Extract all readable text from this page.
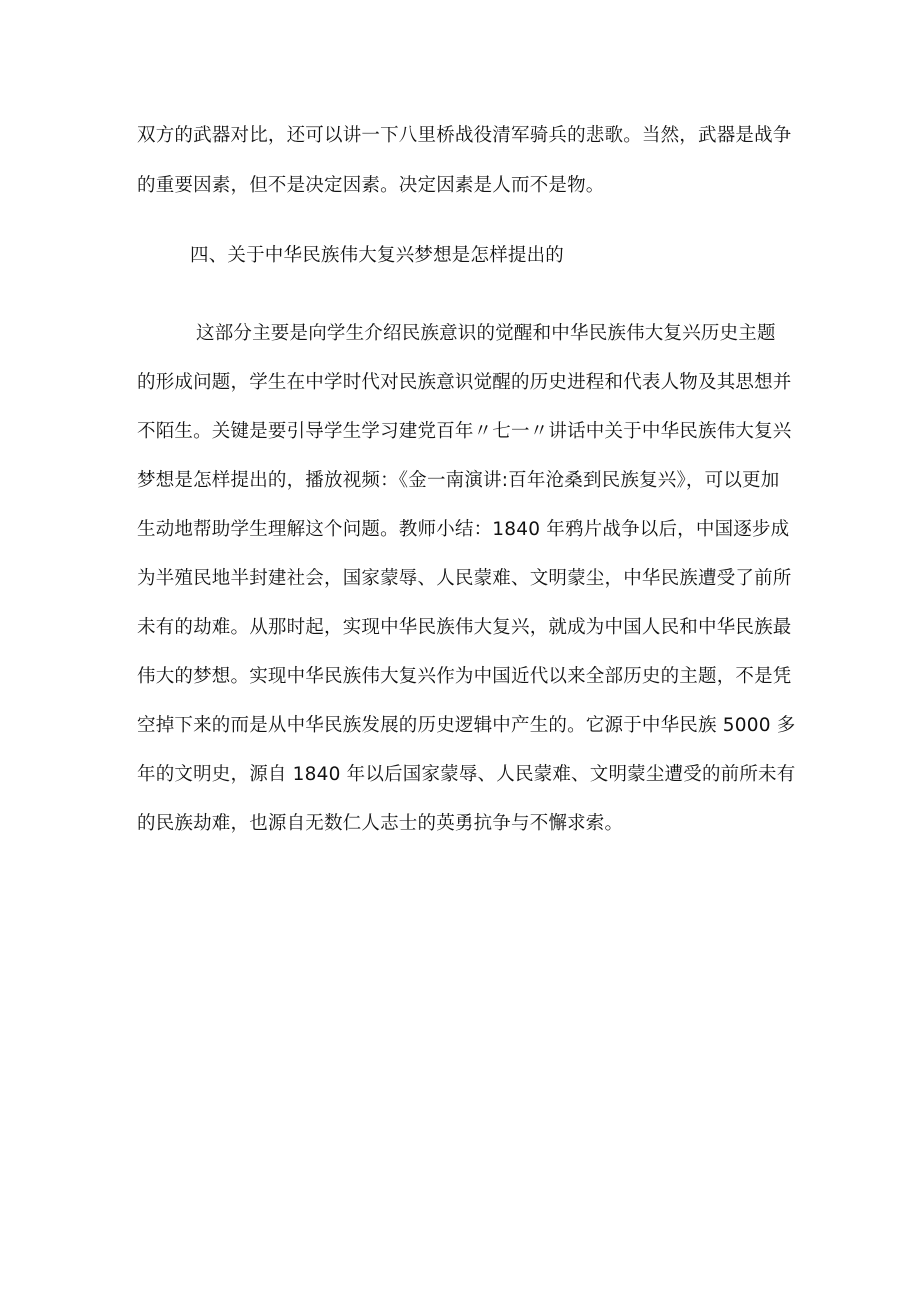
双方的武器对比，还可以讲一下八里桥战役清军骑兵的悲歌。当然，武器是战争

的重要因素，但不是决定因素。决定因素是人而不是物。

四、关于中华民族伟大复兴梦想是怎样提出的

这部分主要是向学生介绍民族意识的觉醒和中华民族伟大复兴历史主题

的形成问题，学生在中学时代对民族意识觉醒的历史进程和代表人物及其思想并

不陌生。关键是要引导学生学习建党百年〃七一〃讲话中关于中华民族伟大复兴

梦想是怎样提出的，播放视频：《金一南演讲:百年沧桑到民族复兴》，可以更加

生动地帮助学生理解这个问题。教师小结：1840 年鸦片战争以后，中国逐步成

为半殖民地半封建社会，国家蒙辱、人民蒙难、文明蒙尘，中华民族遭受了前所

未有的劫难。从那时起，实现中华民族伟大复兴，就成为中国人民和中华民族最

伟大的梦想。实现中华民族伟大复兴作为中国近代以来全部历史的主题，不是凭

空掉下来的而是从中华民族发展的历史逻辑中产生的。它源于中华民族 5000 多

年的文明史，源自 1840 年以后国家蒙辱、人民蒙难、文明蒙尘遭受的前所未有

的民族劫难，也源自无数仁人志士的英勇抗争与不懈求索。
